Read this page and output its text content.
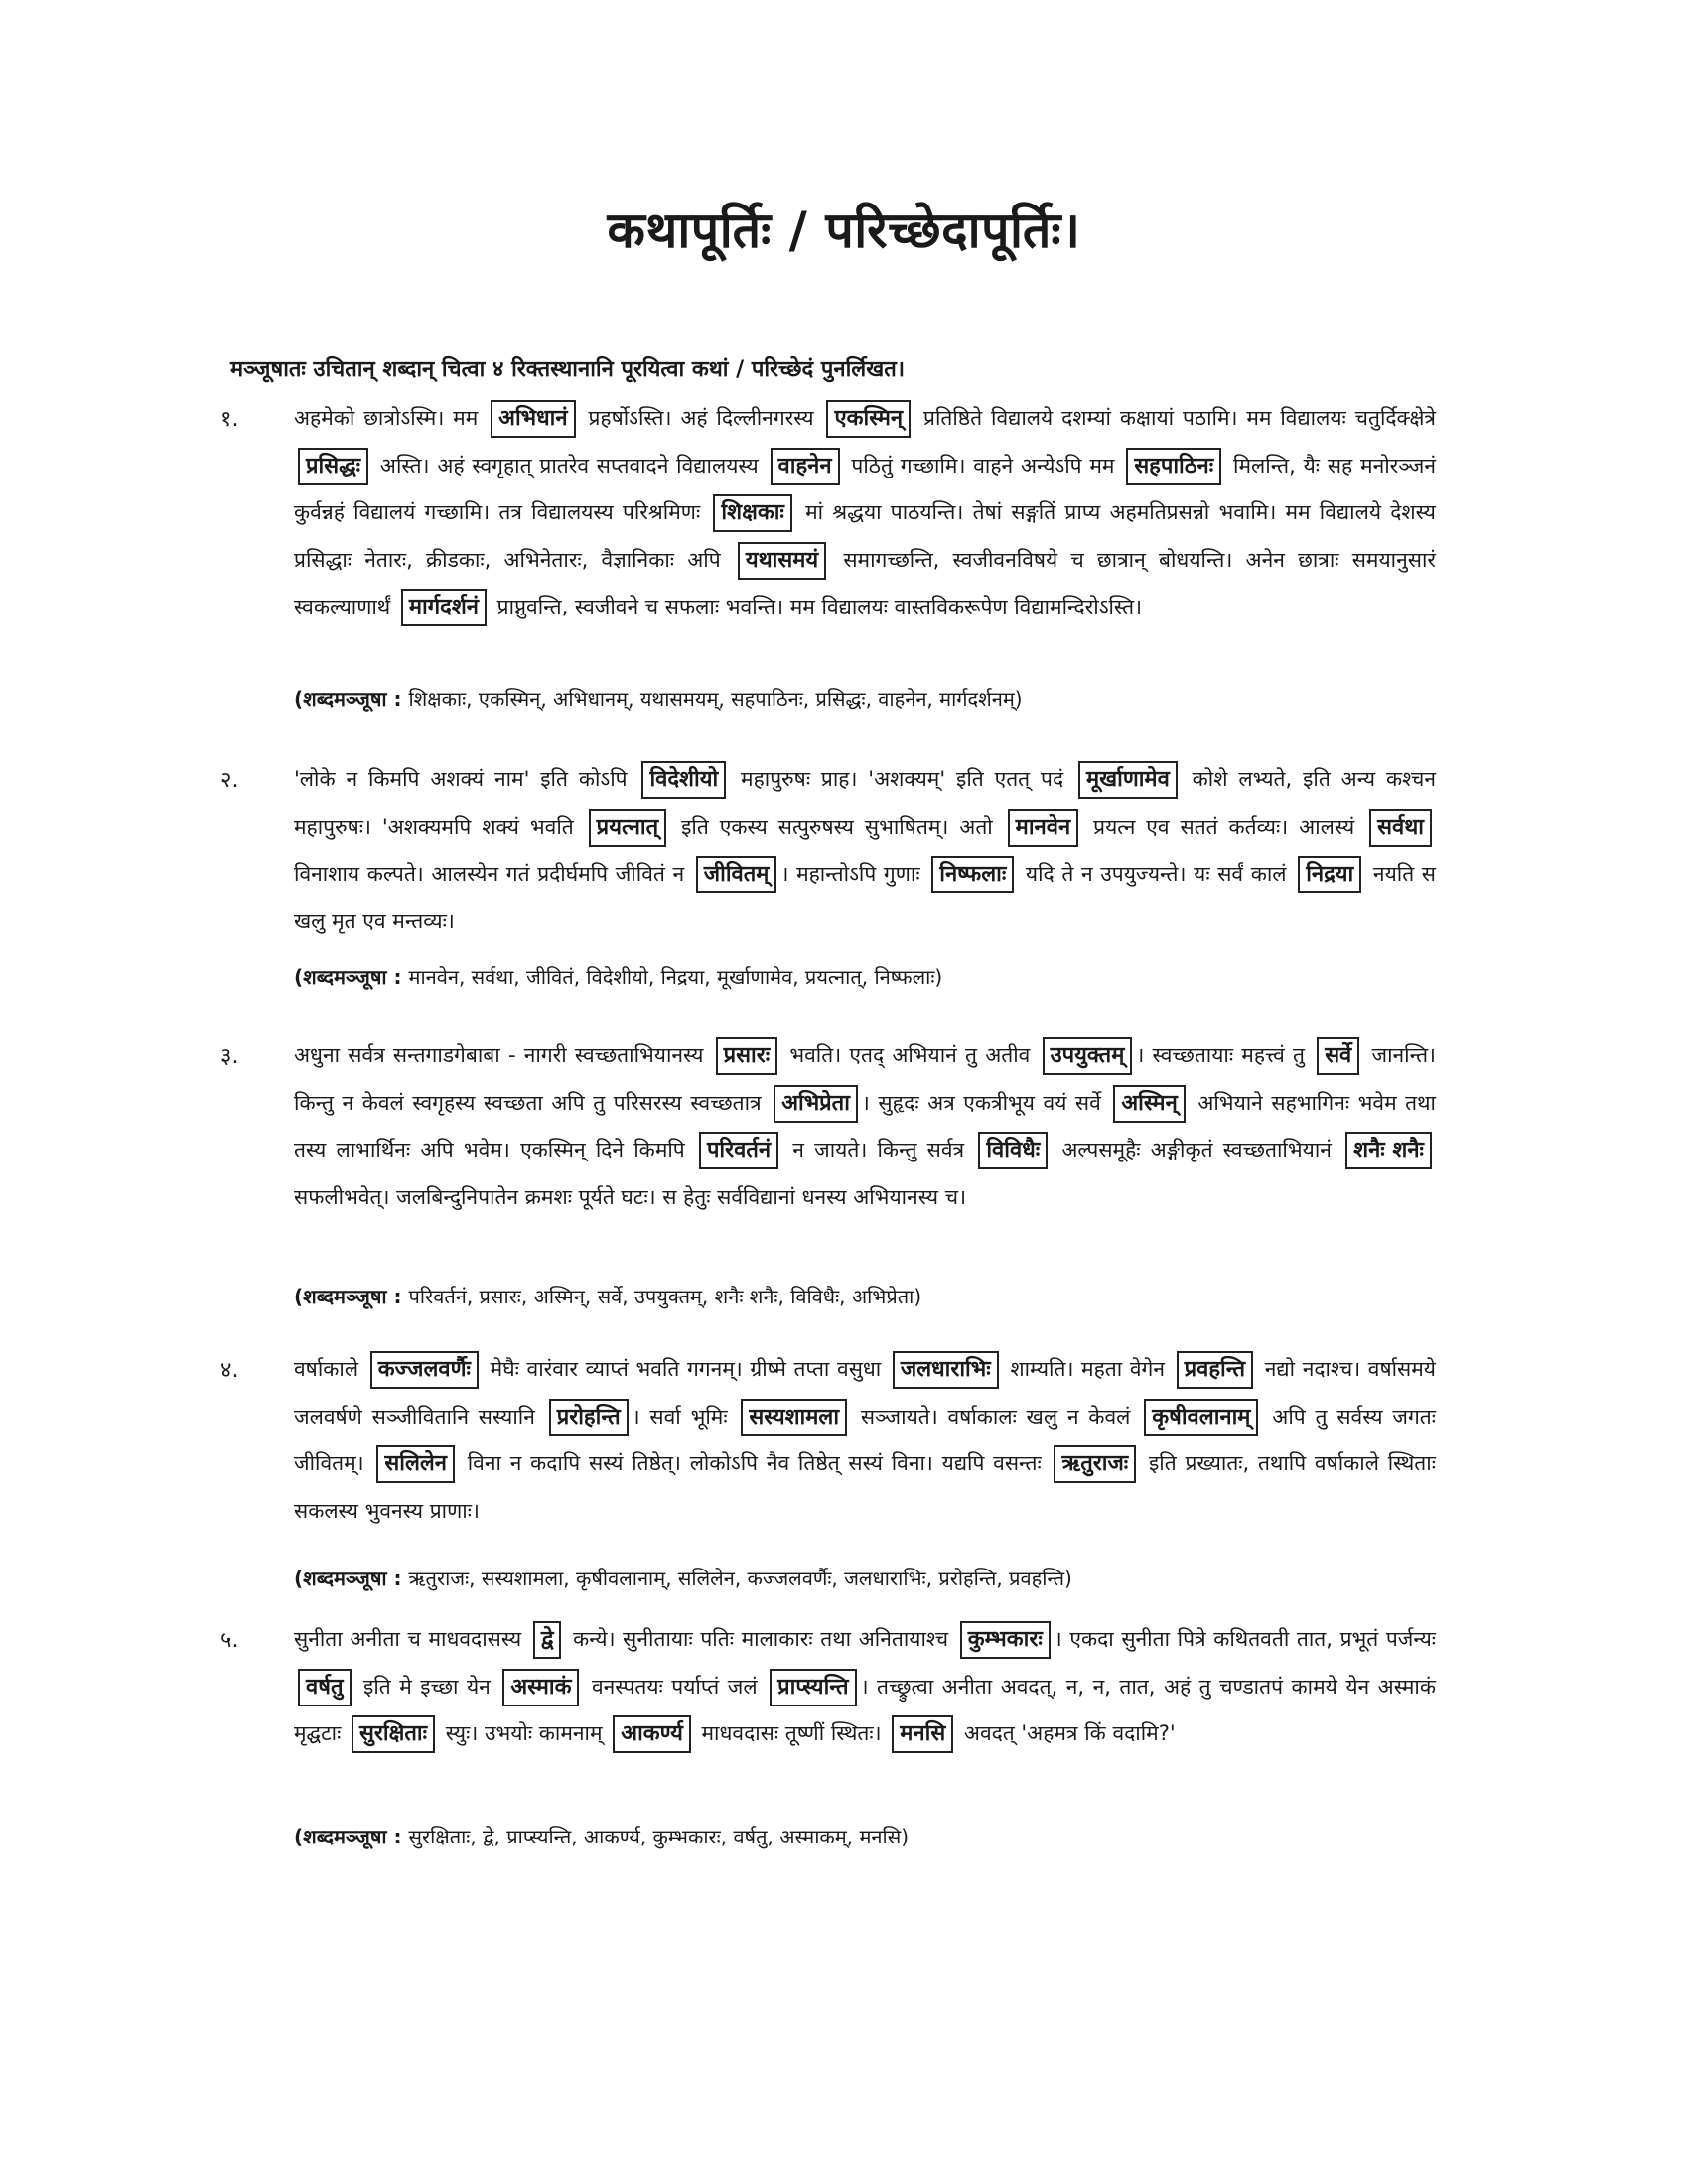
कथापूर्तिः / परिच्छेदापूर्तिः।
मञ्जूषातः उचितान् शब्दान् चित्वा ४ रिक्तस्थानानि पूरयित्वा कथां / परिच्छेदं पुनर्लिखत।
१.	अहमेको छात्रोऽस्मि। मम अभिधानं प्रहर्षोऽस्ति। अहं दिल्लीनगरस्य एकस्मिन् प्रतिष्ठिते विद्यालये दशम्यां कक्षायां पठामि। मम विद्यालयः चतुर्दिक्क्षेत्रे प्रसिद्धः अस्ति। अहं स्वगृहात् प्रातरेव सप्तवादने विद्यालयस्य वाहनेन पठितुं गच्छामि। वाहने अन्येऽपि मम सहपाठिनः मिलन्ति, यैः सह मनोरञ्जनं कुर्वन्नहं विद्यालयं गच्छामि। तत्र विद्यालयस्य परिश्रमिणः शिक्षकाः मां श्रद्धया पाठयन्ति। तेषां सङ्गतिं प्राप्य अहमतिप्रसन्नो भवामि। मम विद्यालये देशस्य प्रसिद्धाः नेतारः, क्रीडकाः, अभिनेतारः, वैज्ञानिकाः अपि यथासमयं समागच्छन्ति, स्वजीवनविषये च छात्रान् बोधयन्ति। अनेन छात्राः समयानुसारं स्वकल्याणार्थं मार्गदर्शनं प्राप्नुवन्ति, स्वजीवने च सफलाः भवन्ति। मम विद्यालयः वास्तविकरूपेण विद्यामन्दिरोऽस्ति।
(शब्दमञ्जूषा : शिक्षकाः, एकस्मिन्, अभिधानम्, यथासमयम्, सहपाठिनः, प्रसिद्धः, वाहनेन, मार्गदर्शनम्)
२.	'लोके न किमपि अशक्यं नाम' इति कोऽपि विदेशीयो महापुरुषः प्राह। 'अशक्यम्' इति एतत् पदं मूर्खाणामेव कोशे लभ्यते, इति अन्य कश्चन महापुरुषः। 'अशक्यमपि शक्यं भवति प्रयत्नात् इति एकस्य सत्पुरुषस्य सुभाषितम्। अतो मानवेन प्रयत्न एव सततं कर्तव्यः। आलस्यं सर्वथा विनाशाय कल्पते। आलस्येन गतं प्रदीर्घमपि जीवितं न जीवितम् । महान्तोऽपि गुणाः निष्फलाः यदि ते न उपयुज्यन्ते। यः सर्वं कालं निद्रया नयति स खलु मृत एव मन्तव्यः।
(शब्दमञ्जूषा : मानवेन, सर्वथा, जीवितं, विदेशीयो, निद्रया, मूर्खाणामेव, प्रयत्नात्, निष्फलाः)
३.	अधुना सर्वत्र सन्तगाडगेबाबा - नागरी स्वच्छताभियानस्य प्रसारः भवति। एतद् अभियानं तु अतीव उपयुक्तम् । स्वच्छतायाः महत्त्वं तु सर्वे जानन्ति। किन्तु न केवलं स्वगृहस्य स्वच्छता अपि तु परिसरस्य स्वच्छतात्र अभिप्रेता । सुहृदः अत्र एकत्रीभूय वयं सर्वे अस्मिन् अभियाने सहभागिनः भवेम तथा तस्य लाभार्थिनः अपि भवेम। एकस्मिन् दिने किमपि परिवर्तनं न जायते। किन्तु सर्वत्र विविधैः अल्पसमूहैः अङ्गीकृतं स्वच्छताभियानं शनैः शनैः सफलीभवेत्। जलबिन्दुनिपातेन क्रमशः पूर्यते घटः। स हेतुः सर्वविद्यानां धनस्य अभियानस्य च।
(शब्दमञ्जूषा : परिवर्तनं, प्रसारः, अस्मिन्, सर्वे, उपयुक्तम्, शनैः शनैः, विविधैः, अभिप्रेता)
४.	वर्षाकाले कज्जलवर्णैः मेघैः वारंवार व्याप्तं भवति गगनम्। ग्रीष्मे तप्ता वसुधा जलधाराभिः शाम्यति। महता वेगेन प्रवहन्ति नद्यो नदाश्च। वर्षासमये जलवर्षणे सञ्जीवितानि सस्यानि प्ररोहन्ति । सर्वा भूमिः सस्यशामला सञ्जायते। वर्षाकालः खलु न केवलं कृषीवलानाम् अपि तु सर्वस्य जगतः जीवितम्। सलिलेन विना न कदापि सस्यं तिष्ठेत्। लोकोऽपि नैव तिष्ठेत् सस्यं विना। यद्यपि वसन्तः ऋतुराजः इति प्रख्यातः, तथापि वर्षाकाले स्थिताः सकलस्य भुवनस्य प्राणाः।
(शब्दमञ्जूषा : ऋतुराजः, सस्यशामला, कृषीवलानाम्, सलिलेन, कज्जलवर्णैः, जलधाराभिः, प्ररोहन्ति, प्रवहन्ति)
५.	सुनीता अनीता च माधवदासस्य द्वे कन्ये। सुनीतायाः पतिः मालाकारः तथा अनितायाश्च कुम्भकारः । एकदा सुनीता पित्रे कथितवती तात, प्रभूतं पर्जन्यः वर्षतु इति मे इच्छा येन अस्माकं वनस्पतयः पर्याप्तं जलं प्राप्स्यन्ति । तच्छ्रुत्वा अनीता अवदत्, न, न, तात, अहं तु चण्डातपं कामये येन अस्माकं मृद्घटाः सुरक्षिताः स्युः। उभयोः कामनाम् आकर्ण्य माधवदासः तूष्णीं स्थितः। मनसि अवदत् 'अहमत्र किं वदामि?'
(शब्दमञ्जूषा : सुरक्षिताः, द्वे, प्राप्स्यन्ति, आकर्ण्य, कुम्भकारः, वर्षतु, अस्माकम्, मनसि)
